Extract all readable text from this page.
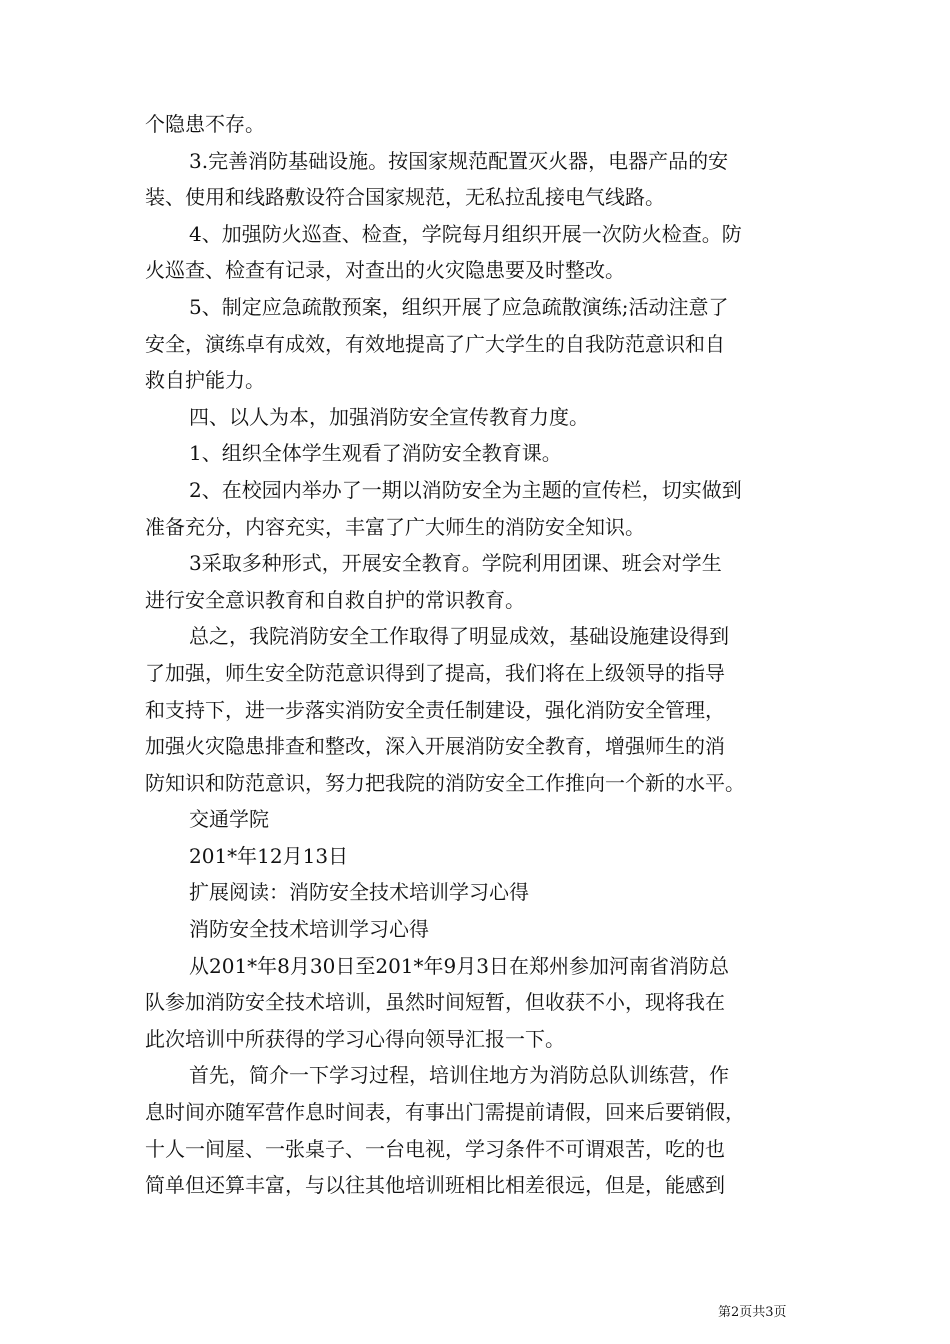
个隐患不存。
3.完善消防基础设施。按国家规范配置灭火器，电器产品的安
装、使用和线路敷设符合国家规范，无私拉乱接电气线路。
4、加强防火巡查、检查，学院每月组织开展一次防火检查。防
火巡查、检查有记录，对查出的火灾隐患要及时整改。
5、制定应急疏散预案，组织开展了应急疏散演练;活动注意了
安全，演练卓有成效，有效地提高了广大学生的自我防范意识和自
救自护能力。
四、以人为本，加强消防安全宣传教育力度。
1、组织全体学生观看了消防安全教育课。
2、在校园内举办了一期以消防安全为主题的宣传栏，切实做到
准备充分，内容充实，丰富了广大师生的消防安全知识。
3采取多种形式，开展安全教育。学院利用团课、班会对学生
进行安全意识教育和自救自护的常识教育。
总之，我院消防安全工作取得了明显成效，基础设施建设得到
了加强，师生安全防范意识得到了提高，我们将在上级领导的指导
和支持下，进一步落实消防安全责任制建设，强化消防安全管理，
加强火灾隐患排查和整改，深入开展消防安全教育，增强师生的消
防知识和防范意识，努力把我院的消防安全工作推向一个新的水平。
交通学院
201*年12月13日
扩展阅读：消防安全技术培训学习心得
消防安全技术培训学习心得
从201*年8月30日至201*年9月3日在郑州参加河南省消防总
队参加消防安全技术培训，虽然时间短暂，但收获不小，现将我在
此次培训中所获得的学习心得向领导汇报一下。
首先，简介一下学习过程，培训住地方为消防总队训练营，作
息时间亦随军营作息时间表，有事出门需提前请假，回来后要销假，
十人一间屋、一张桌子、一台电视，学习条件不可谓艰苦，吃的也
简单但还算丰富，与以往其他培训班相比相差很远，但是，能感到
第2页共3页
